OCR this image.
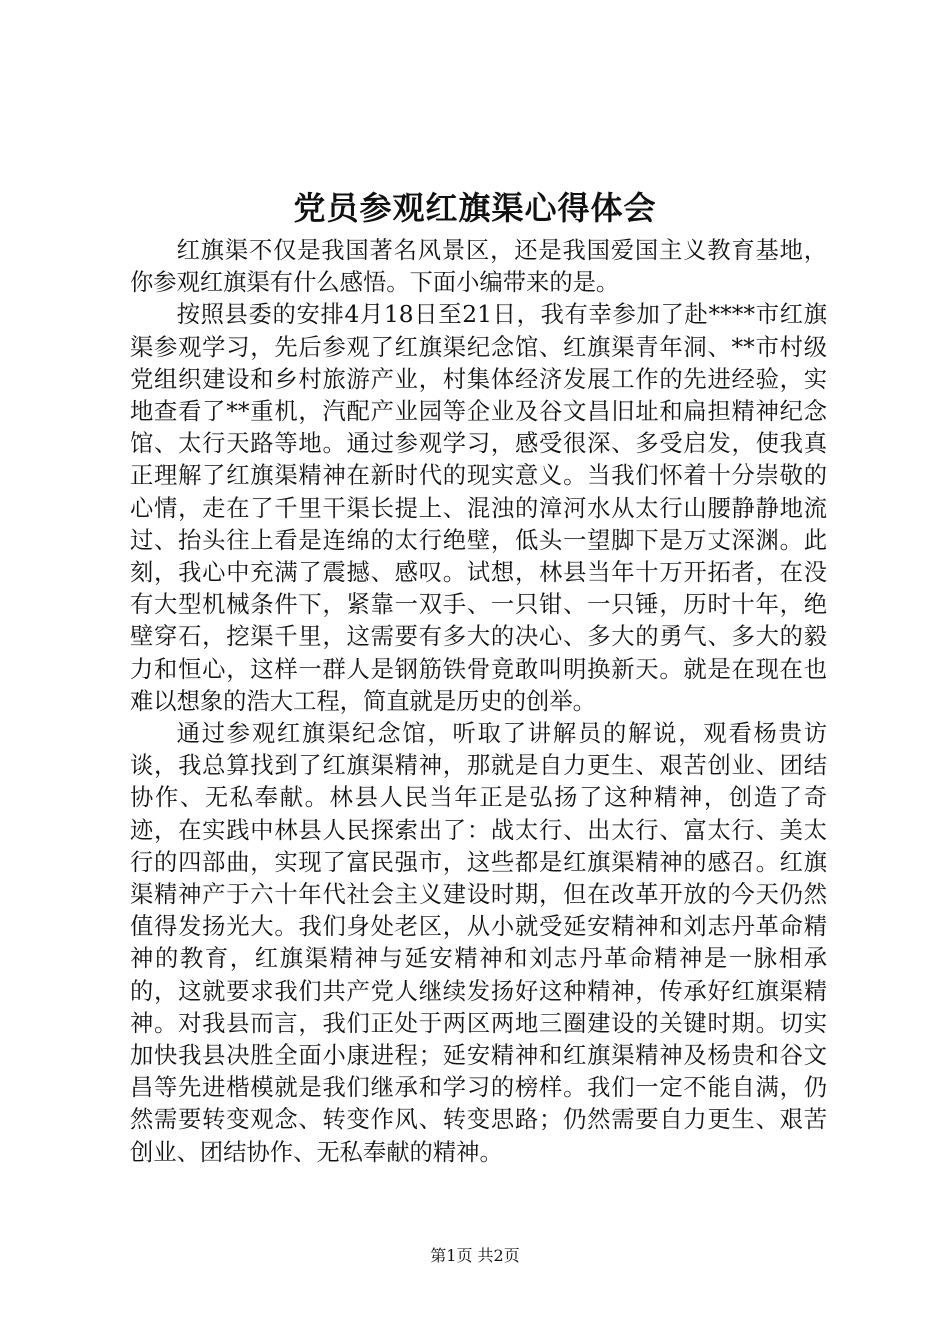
党员参观红旗渠心得体会

红旗渠不仅是我国著名风景区，还是我国爱国主义教育基地，你参观红旗渠有什么感悟。下面小编带来的是。

按照县委的安排4月18日至21日，我有幸参加了赴****市红旗渠参观学习，先后参观了红旗渠纪念馆、红旗渠青年洞、**市村级党组织建设和乡村旅游产业，村集体经济发展工作的先进经验，实地查看了**重机，汽配产业园等企业及谷文昌旧址和扁担精神纪念馆、太行天路等地。通过参观学习，感受很深、多受启发，使我真正理解了红旗渠精神在新时代的现实意义。当我们怀着十分崇敬的心情，走在了千里干渠长提上、混浊的漳河水从太行山腰静静地流过、抬头往上看是连绵的太行绝壁，低头一望脚下是万丈深渊。此刻，我心中充满了震撼、感叹。试想，林县当年十万开拓者，在没有大型机械条件下，紧靠一双手、一只钳、一只锤，历时十年，绝壁穿石，挖渠千里，这需要有多大的决心、多大的勇气、多大的毅力和恒心，这样一群人是钢筋铁骨竟敢叫明换新天。就是在现在也难以想象的浩大工程，简直就是历史的创举。

通过参观红旗渠纪念馆，听取了讲解员的解说，观看杨贵访谈，我总算找到了红旗渠精神，那就是自力更生、艰苦创业、团结协作、无私奉献。林县人民当年正是弘扬了这种精神，创造了奇迹，在实践中林县人民探索出了：战太行、出太行、富太行、美太行的四部曲，实现了富民强市，这些都是红旗渠精神的感召。红旗渠精神产于六十年代社会主义建设时期，但在改革开放的今天仍然值得发扬光大。我们身处老区，从小就受延安精神和刘志丹革命精神的教育，红旗渠精神与延安精神和刘志丹革命精神是一脉相承的，这就要求我们共产党人继续发扬好这种精神，传承好红旗渠精神。对我县而言，我们正处于两区两地三圈建设的关键时期。切实加快我县决胜全面小康进程；延安精神和红旗渠精神及杨贵和谷文昌等先进楷模就是我们继承和学习的榜样。我们一定不能自满，仍然需要转变观念、转变作风、转变思路；仍然需要自力更生、艰苦创业、团结协作、无私奉献的精神。

第1页 共2页
